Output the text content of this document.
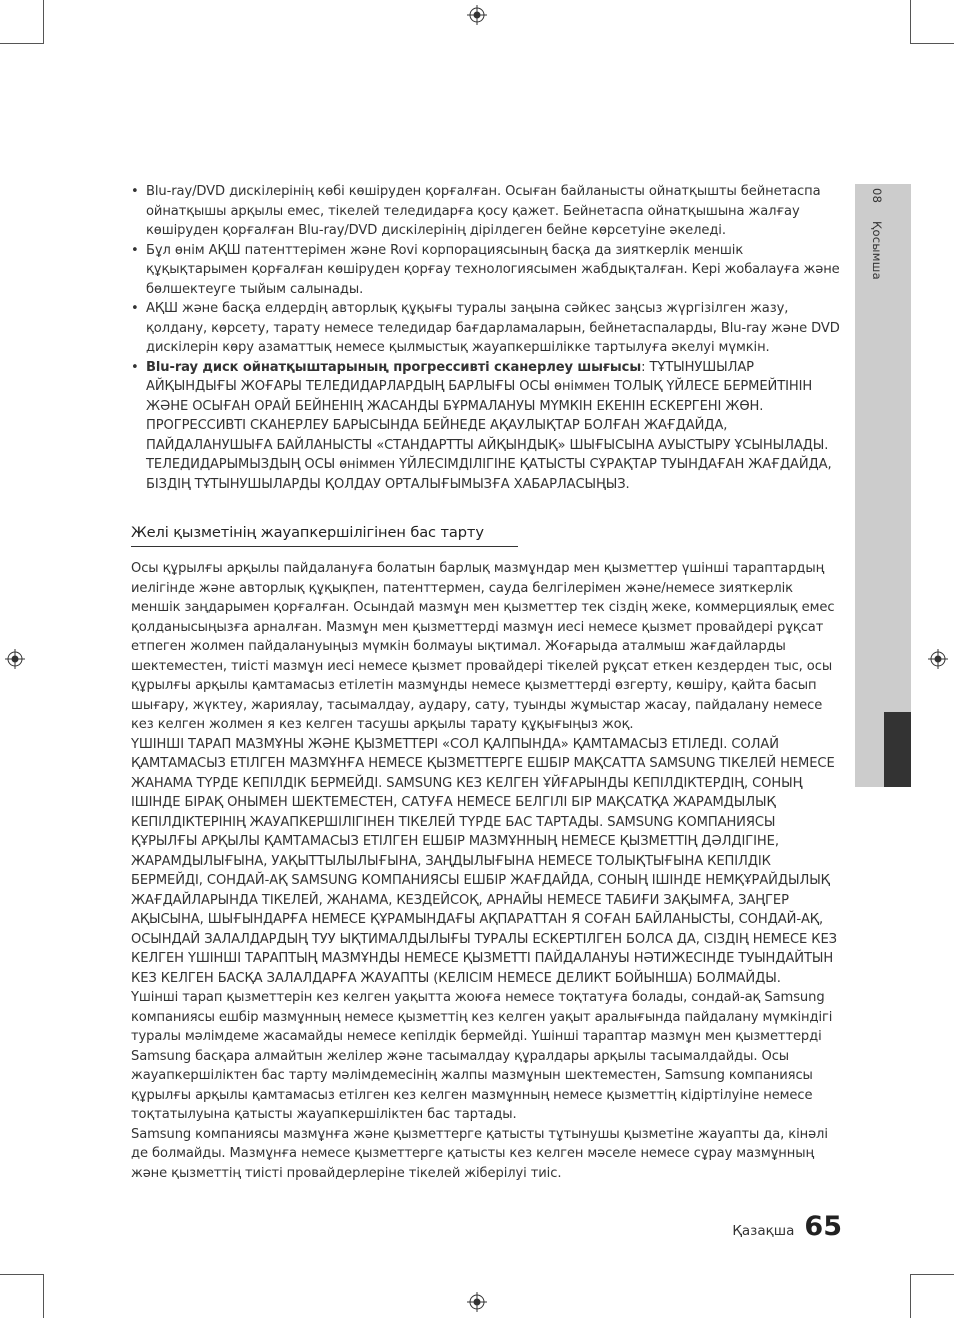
08 Қосымша
• Blu-ray/DVD дискілерінің көбі көшіруден қорғалған. Осыған байланысты ойнатқышты бейнетаспа ойнатқышы арқылы емес, тікелей теледидарға қосу қажет. Бейнетаспа ойнатқышына жалғау көшіруден қорғалған Blu-ray/DVD дискілерінің дірілдеген бейне көрсетуіне әкеледі.
• Бұл өнім АҚШ патенттерімен және Rovi корпорациясының басқа да зияткерлік меншік құқықтарымен қорғалған көшіруден қорғау технологиясымен жабдықталған. Кері жобалауға және бөлшектеуге тыйым салынады.
• АҚШ және басқа елдердің авторлық құқығы туралы заңына сәйкес заңсыз жүргізілген жазу, қолдану, көрсету, тарату немесе теледидар бағдарламаларын, бейнетаспаларды, Blu-ray және DVD дискілерін көру азаматтық немесе қылмыстық жауапкершілікке тартылуға әкелуі мүмкін.
• Blu-ray диск ойнатқыштарының прогрессивті сканерлеу шығысы: ТҰТЫНУШЫЛАР АЙҚЫНДЫҒЫ ЖОҒАРЫ ТЕЛЕДИДАРЛАРДЫҢ БАРЛЫҒЫ ОСЫ өніммен ТОЛЫҚ ҮЙЛЕСЕ БЕРМЕЙТІНІН ЖӘНЕ ОСЫҒАН ОРАЙ БЕЙНЕНІҢ ЖАСАНДЫ БҰРМАЛАНУЫ МҮМКІН ЕКЕНІН ЕСКЕРГЕНІ ЖӨН. ПРОГРЕССИВТІ СКАНЕРЛЕУ БАРЫСЫНДА БЕЙНЕДЕ АҚАУЛЫҚТАР БОЛҒАН ЖАҒДАЙДА, ПАЙДАЛАНУШЫҒА БАЙЛАНЫСТЫ «СТАНДАРТТЫ АЙҚЫНДЫҚ» ШЫҒЫСЫНА АУЫСТЫРУ ҰСЫНЫЛАДЫ. ТЕЛЕДИДАРЫМЫЗДЫҢ ОСЫ өніммен ҮЙЛЕСІМДІЛІГІНЕ ҚАТЫСТЫ СҰРАҚТАР ТУЫНДАҒАН ЖАҒДАЙДА, БІЗДІҢ ТҰТЫНУШЫЛАРДЫ ҚОЛДАУ ОРТАЛЫҒЫМЫЗҒА ХАБАРЛАСЫҢЫЗ.
Желі қызметінің жауапкершілігінен бас тарту

Осы құрылғы арқылы пайдалануға болатын барлық мазмұндар мен қызметтер үшінші тараптардың иелігінде және авторлық құқықпен, патенттермен, сауда белгілерімен және/немесе зияткерлік меншік заңдарымен қорғалған. Осындай мазмұн мен қызметтер тек сіздің жеке, коммерциялық емес қолданысыңызға арналған. Мазмұн мен қызметтерді мазмұн иесі немесе қызмет провайдері рұқсат етпеген жолмен пайдалануыңыз мүмкін болмауы ықтимал. Жоғарыда аталмыш жағдайларды шектеместен, тиісті мазмұн иесі немесе қызмет провайдері тікелей рұқсат еткен кездерден тыс, осы құрылғы арқылы қамтамасыз етілетін мазмұнды немесе қызметтерді өзгерту, көшіру, қайта басып шығару, жүктеу, жариялау, тасымалдау, аудару, сату, туынды жұмыстар жасау, пайдалану немесе кез келген жолмен я кез келген тасушы арқылы тарату құқығыңыз жоқ.

ҮШІНШІ ТАРАП МАЗМҰНЫ ЖӘНЕ ҚЫЗМЕТТЕРІ «СОЛ ҚАЛПЫНДА» ҚАМТАМАСЫЗ ЕТІЛЕДІ. СОЛАЙ ҚАМТАМАСЫЗ ЕТІЛГЕН МАЗМҰНҒА НЕМЕСЕ ҚЫЗМЕТТЕРГЕ ЕШБІР МАҚСАТТА SAMSUNG ТІКЕЛЕЙ НЕМЕСЕ ЖАНАМА ТҮРДЕ КЕПІЛДІК БЕРМЕЙДІ. SAMSUNG КЕЗ КЕЛГЕН ҰЙҒАРЫНДЫ КЕПІЛДІКТЕРДІҢ, СОНЫҢ ІШІНДЕ БІРАҚ ОНЫМЕН ШЕКТЕМЕСТЕН, САТУҒА НЕМЕСЕ БЕЛГІЛІ БІР МАҚСАТҚА ЖАРАМДЫЛЫҚ КЕПІЛДІКТЕРІНІҢ ЖАУАПКЕРШІЛІГІНЕН ТІКЕЛЕЙ ТҮРДЕ БАС ТАРТАДЫ. SAMSUNG КОМПАНИЯСЫ ҚҰРЫЛҒЫ АРҚЫЛЫ ҚАМТАМАСЫЗ ЕТІЛГЕН ЕШБІР МАЗМҰННЫҢ НЕМЕСЕ ҚЫЗМЕТТІҢ ДӘЛДІГІНЕ, ЖАРАМДЫЛЫҒЫНА, УАҚЫТТЫЛЫЛЫҒЫНА, ЗАҢДЫЛЫҒЫНА НЕМЕСЕ ТОЛЫҚТЫҒЫНА КЕПІЛДІК БЕРМЕЙДІ, СОНДАЙ-АҚ SAMSUNG КОМПАНИЯСЫ ЕШБІР ЖАҒДАЙДА, СОНЫҢ ІШІНДЕ НЕМҚҰРАЙДЫЛЫҚ ЖАҒДАЙЛАРЫНДА ТІКЕЛЕЙ, ЖАНАМА, КЕЗДЕЙСОҚ, АРНАЙЫ НЕМЕСЕ ТАБИҒИ ЗАҚЫМҒА, ЗАҢГЕР АҚЫСЫНА, ШЫҒЫНДАРҒА НЕМЕСЕ ҚҰРАМЫНДАҒЫ АҚПАРАТТАН Я СОҒАН БАЙЛАНЫСТЫ, СОНДАЙ-АҚ, ОСЫНДАЙ ЗАЛАЛДАРДЫҢ ТУУ ЫҚТИМАЛДЫЛЫҒЫ ТУРАЛЫ ЕСКЕРТІЛГЕН БОЛСА ДА, СІЗДІҢ НЕМЕСЕ КЕЗ КЕЛГЕН ҮШІНШІ ТАРАПТЫҢ МАЗМҰНДЫ НЕМЕСЕ ҚЫЗМЕТТІ ПАЙДАЛАНУЫ НӘТИЖЕСІНДЕ ТУЫНДАЙТЫН КЕЗ КЕЛГЕН БАСҚА ЗАЛАЛДАРҒА ЖАУАПТЫ (КЕЛІСІМ НЕМЕСЕ ДЕЛИКТ БОЙЫНША) БОЛМАЙДЫ.

Үшінші тарап қызметтерін кез келген уақытта жоюға немесе тоқтатуға болады, сондай-ақ Samsung компаниясы ешбір мазмұнның немесе қызметтің кез келген уақыт аралығында пайдалану мүмкіндігі туралы мәлімдеме жасамайды немесе кепілдік бермейді. Үшінші тараптар мазмұн мен қызметтерді Samsung басқара алмайтын желілер және тасымалдау құралдары арқылы тасымалдайды. Осы жауапкершіліктен бас тарту мәлімдемесінің жалпы мазмұнын шектеместен, Samsung компаниясы құрылғы арқылы қамтамасыз етілген кез келген мазмұнның немесе қызметтің кідіртілуіне немесе тоқтатылуына қатысты жауапкершіліктен бас тартады.

Samsung компаниясы мазмұнға және қызметтерге қатысты тұтынушы қызметіне жауапты да, кінәлі де болмайды. Мазмұнға немесе қызметтерге қатысты кез келген мәселе немесе сұрау мазмұнның және қызметтің тиісті провайдерлеріне тікелей жіберілуі тиіс.

Қазақша 65
